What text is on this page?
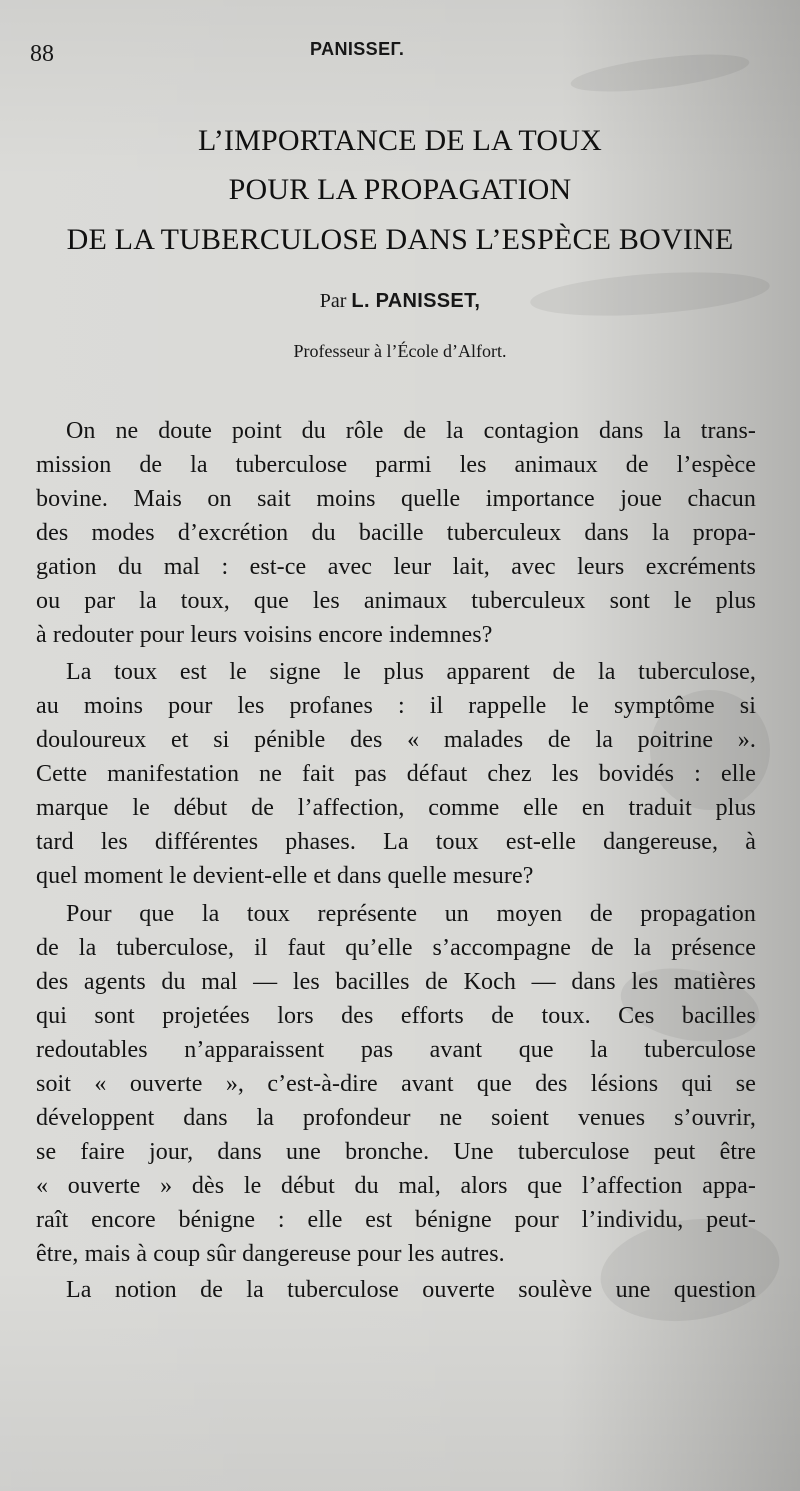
88	PANISSEГ.
L’IMPORTANCE DE LA TOUX
POUR LA PROPAGATION
DE LA TUBERCULOSE DANS L’ESPÈCE BOVINE
Par L. PANISSET,
Professeur à l’École d’Alfort.
On ne doute point du rôle de la contagion dans la trans-
mission de la tuberculose parmi les animaux de l’espèce
bovine. Mais on sait moins quelle importance joue chacun
des modes d’excrétion du bacille tuberculeux dans la propa-
gation du mal : est-ce avec leur lait, avec leurs excréments
ou par la toux, que les animaux tuberculeux sont le plus
à redouter pour leurs voisins encore indemnes?
La toux est le signe le plus apparent de la tuberculose,
au moins pour les profanes : il rappelle le symptôme si
douloureux et si pénible des « malades de la poitrine ».
Cette manifestation ne fait pas défaut chez les bovidés : elle
marque le début de l’affection, comme elle en traduit plus
tard les différentes phases. La toux est-elle dangereuse, à
quel moment le devient-elle et dans quelle mesure?
Pour que la toux représente un moyen de propagation
de la tuberculose, il faut qu’elle s’accompagne de la présence
des agents du mal — les bacilles de Koch — dans les matières
qui sont projetées lors des efforts de toux. Ces bacilles
redoutables n’apparaissent pas avant que la tuberculose
soit « ouverte », c’est-à-dire avant que des lésions qui se
développent dans la profondeur ne soient venues s’ouvrir,
se faire jour, dans une bronche. Une tuberculose peut être
« ouverte » dès le début du mal, alors que l’affection appa-
raît encore bénigne : elle est bénigne pour l’individu, peut-
être, mais à coup sûr dangereuse pour les autres.
La notion de la tuberculose ouverte soulève une question
